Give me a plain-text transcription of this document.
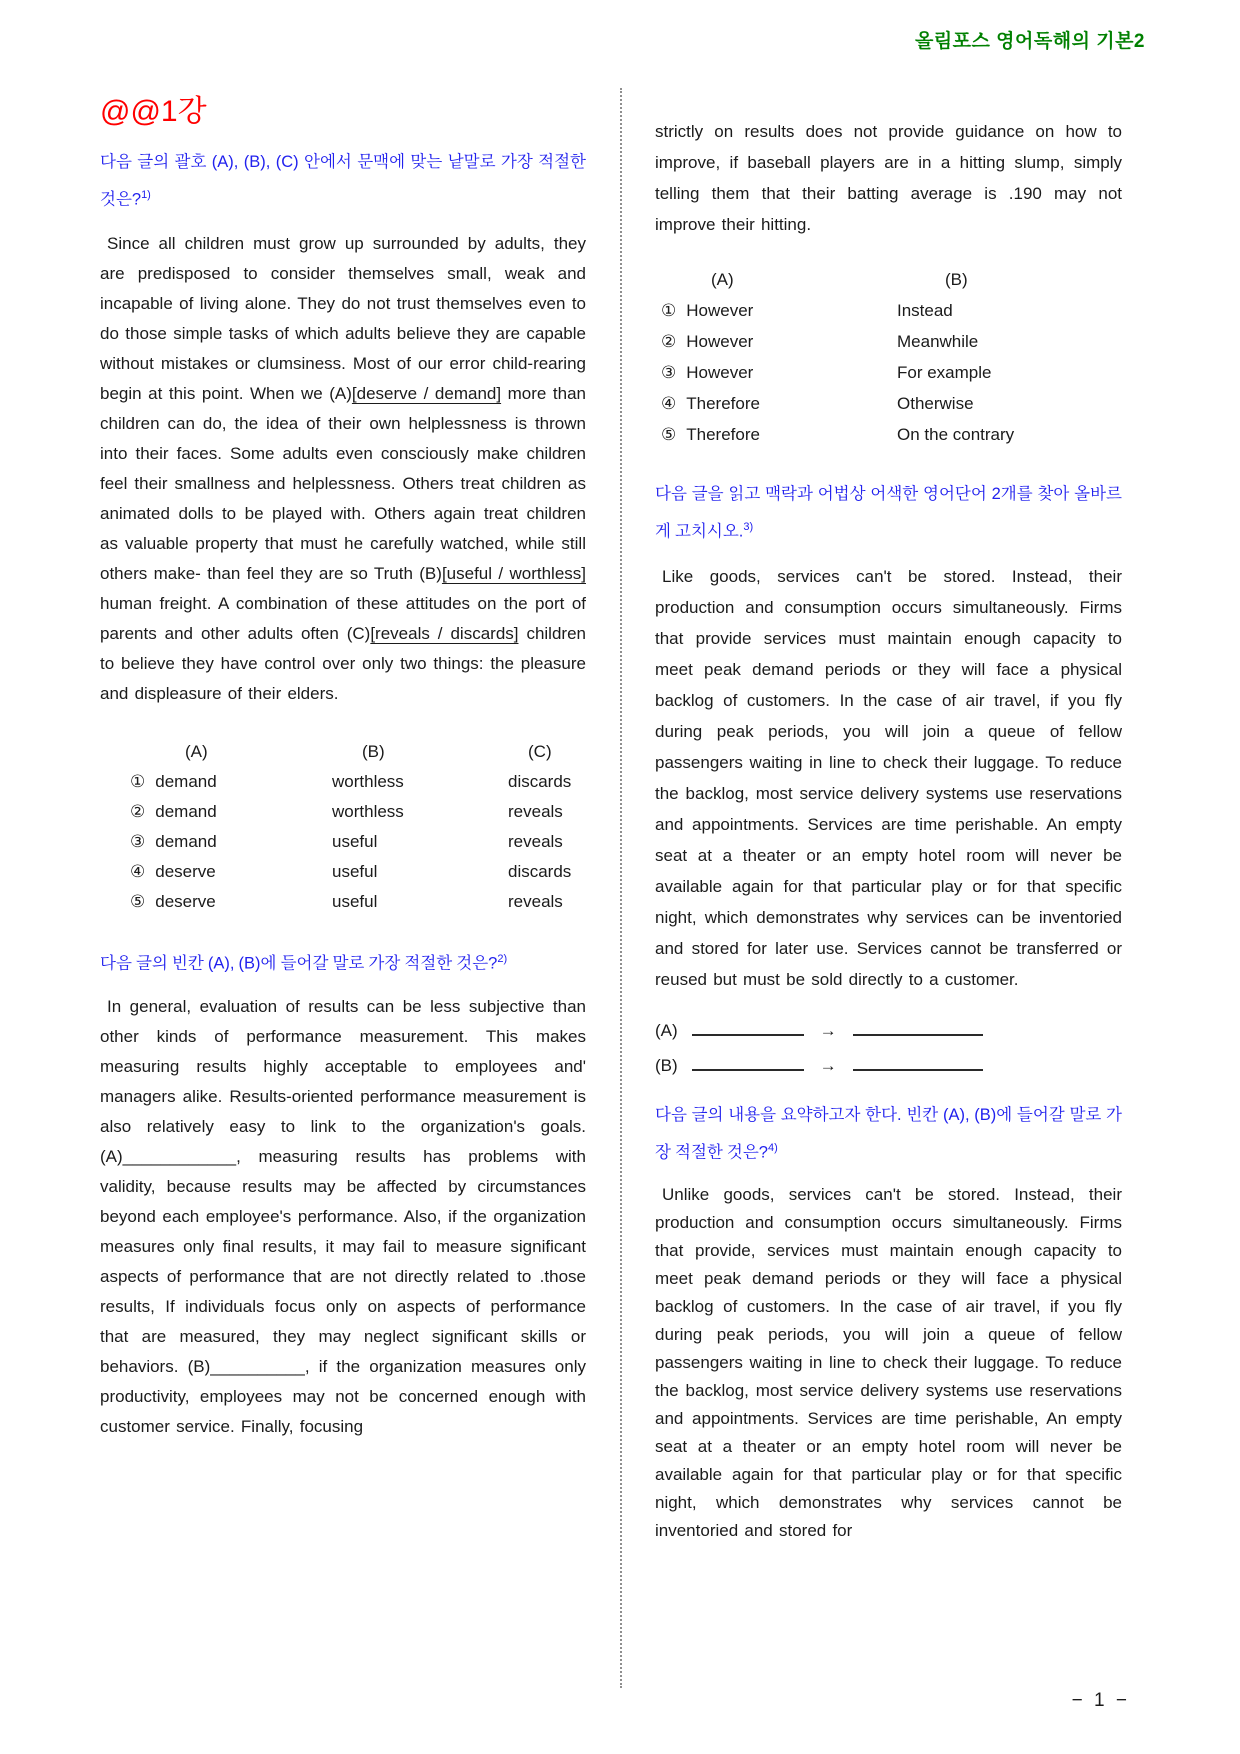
올림포스 영어독해의 기본2
@@1강
다음 글의 괄호 (A), (B), (C) 안에서 문맥에 맞는 낱말로 가장 적절한 것은?$^{1)}$

Since all children must grow up surrounded by adults, they are predisposed to consider themselves small, weak and incapable of living alone. They do not trust themselves even to do those simple tasks of which adults believe they are capable without mistakes or clumsiness. Most of our error child-rearing begin at this point. When we (A)[deserve / demand] more than children can do, the idea of their own helplessness is thrown into their faces. Some adults even consciously make children feel their smallness and helplessness. Others treat children as animated dolls to be played with. Others again treat children as valuable property that must he carefully watched, while still others make- than feel they are so Truth (B)[useful / worthless] human freight. A combination of these attitudes on the port of parents and other adults often (C)[reveals / discards] children to believe they have control over only two things: the pleasure and displeasure of their elders.

(A)	(B)	(C)
① demand	worthless	discards
② demand	worthless	reveals
③ demand	useful	reveals
④ deserve	useful	discards
⑤ deserve	useful	reveals
다음 글의 빈칸 (A), (B)에 들어갈 말로 가장 적절한 것은?$^{2)}$

In general, evaluation of results can be less subjective than other kinds of performance measurement. This makes measuring results highly acceptable to employees and' managers alike. Results-oriented performance measurement is also relatively easy to link to the organization's goals. (A)____________, measuring results has problems with validity, because results may be affected by circumstances beyond each employee's performance. Also, if the organization measures only final results, it may fail to measure significant aspects of performance that are not directly related to .those results, If individuals focus only on aspects of performance that are measured, they may neglect significant skills or behaviors. (B)__________, if the organization measures only productivity, employees may not be concerned enough with customer service. Finally, focusing

strictly on results does not provide guidance on how to improve, if baseball players are in a hitting slump, simply telling them that their batting average is .190 may not improve their hitting.

(A)	(B)
① However	Instead
② However	Meanwhile
③ However	For example
④ Therefore	Otherwise
⑤ Therefore	On the contrary
다음 글을 읽고 맥락과 어법상 어색한 영어단어 2개를 찾아 올바르게 고치시오.$^{3)}$

Like goods, services can't be stored. Instead, their production and consumption occurs simultaneously. Firms that provide services must maintain enough capacity to meet peak demand periods or they will face a physical backlog of customers. In the case of air travel, if you fly during peak periods, you will join a queue of fellow passengers waiting in line to check their luggage. To reduce the backlog, most service delivery systems use reservations and appointments. Services are time perishable. An empty seat at a theater or an empty hotel room will never be available again for that particular play or for that specific night, which demonstrates why services can be inventoried and stored for later use. Services cannot be transferred or reused but must be sold directly to a customer.

(A)	→
(B)	→
다음 글의 내용을 요약하고자 한다. 빈칸 (A), (B)에 들어갈 말로 가장 적절한 것은?$^{4)}$

Unlike goods, services can't be stored. Instead, their production and consumption occurs simultaneously. Firms that provide, services must maintain enough capacity to meet peak demand periods or they will face a physical backlog of customers. In the case of air travel, if you fly during peak periods, you will join a queue of fellow passengers waiting in line to check their luggage. To reduce the backlog, most service delivery systems use reservations and appointments. Services are time perishable, An empty seat at a theater or an empty hotel room will never be available again for that particular play or for that specific night, which demonstrates why services cannot be inventoried and stored for

− 1 −
